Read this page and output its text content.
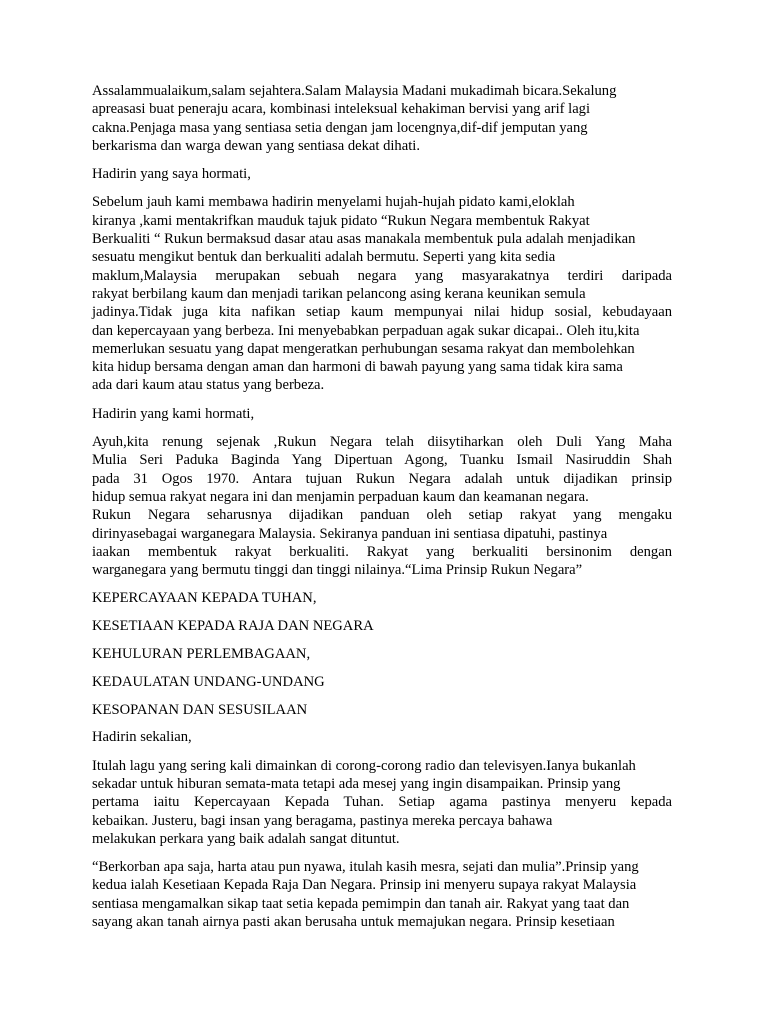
Assalammualaikum,salam sejahtera.Salam Malaysia Madani mukadimah bicara.Sekalung
apreasasi buat peneraju acara, kombinasi inteleksual kehakiman bervisi yang arif lagi
cakna.Penjaga masa yang sentiasa setia dengan jam locengnya,dif-dif jemputan yang
berkarisma dan warga dewan yang sentiasa dekat dihati.
Hadirin yang saya hormati,
Sebelum jauh kami membawa hadirin menyelami hujah-hujah pidato kami,eloklah
kiranya ,kami mentakrifkan mauduk tajuk pidato “Rukun Negara membentuk Rakyat
Berkualiti “ Rukun bermaksud dasar atau asas manakala membentuk pula adalah menjadikan
sesuatu mengikut bentuk dan berkualiti adalah bermutu. Seperti yang kita sedia
maklum,Malaysia merupakan sebuah negara yang masyarakatnya terdiri daripada
rakyat berbilang kaum dan menjadi tarikan pelancong asing kerana keunikan semula
jadinya.Tidak juga kita nafikan setiap kaum mempunyai nilai hidup sosial, kebudayaan
dan kepercayaan yang berbeza. Ini menyebabkan perpaduan agak sukar dicapai.. Oleh itu,kita
memerlukan sesuatu yang dapat mengeratkan perhubungan sesama rakyat dan membolehkan
kita hidup bersama dengan aman dan harmoni di bawah payung yang sama tidak kira sama
ada dari kaum atau status yang berbeza.
Hadirin yang kami hormati,
Ayuh,kita renung sejenak ,Rukun Negara telah diisytiharkan oleh Duli Yang Maha
Mulia Seri Paduka Baginda Yang Dipertuan Agong, Tuanku Ismail Nasiruddin Shah
pada 31 Ogos 1970. Antara tujuan Rukun Negara adalah untuk dijadikan prinsip
hidup semua rakyat negara ini dan menjamin perpaduan kaum dan keamanan negara.
Rukun Negara seharusnya dijadikan panduan oleh setiap rakyat yang mengaku
dirinyasebagai warganegara Malaysia. Sekiranya panduan ini sentiasa dipatuhi, pastinya
iaakan membentuk rakyat berkualiti. Rakyat yang berkualiti bersinonim dengan
warganegara yang bermutu tinggi dan tinggi nilainya.“Lima Prinsip Rukun Negara”
KEPERCAYAAN KEPADA TUHAN,
KESETIAAN KEPADA RAJA DAN NEGARA
KEHULURAN PERLEMBAGAAN,
KEDAULATAN UNDANG-UNDANG
KESOPANAN DAN SESUSILAAN
Hadirin sekalian,
Itulah lagu yang sering kali dimainkan di corong-corong radio dan televisyen.Ianya bukanlah
sekadar untuk hiburan semata-mata tetapi ada mesej yang ingin disampaikan. Prinsip yang
pertama iaitu Kepercayaan Kepada Tuhan. Setiap agama pastinya menyeru kepada
kebaikan. Justeru, bagi insan yang beragama, pastinya mereka percaya bahawa
melakukan perkara yang baik adalah sangat dituntut.
“Berkorban apa saja, harta atau pun nyawa, itulah kasih mesra, sejati dan mulia”.Prinsip yang
kedua ialah Kesetiaan Kepada Raja Dan Negara. Prinsip ini menyeru supaya rakyat Malaysia
sentiasa mengamalkan sikap taat setia kepada pemimpin dan tanah air. Rakyat yang taat dan
sayang akan tanah airnya pasti akan berusaha untuk memajukan negara. Prinsip kesetiaan
